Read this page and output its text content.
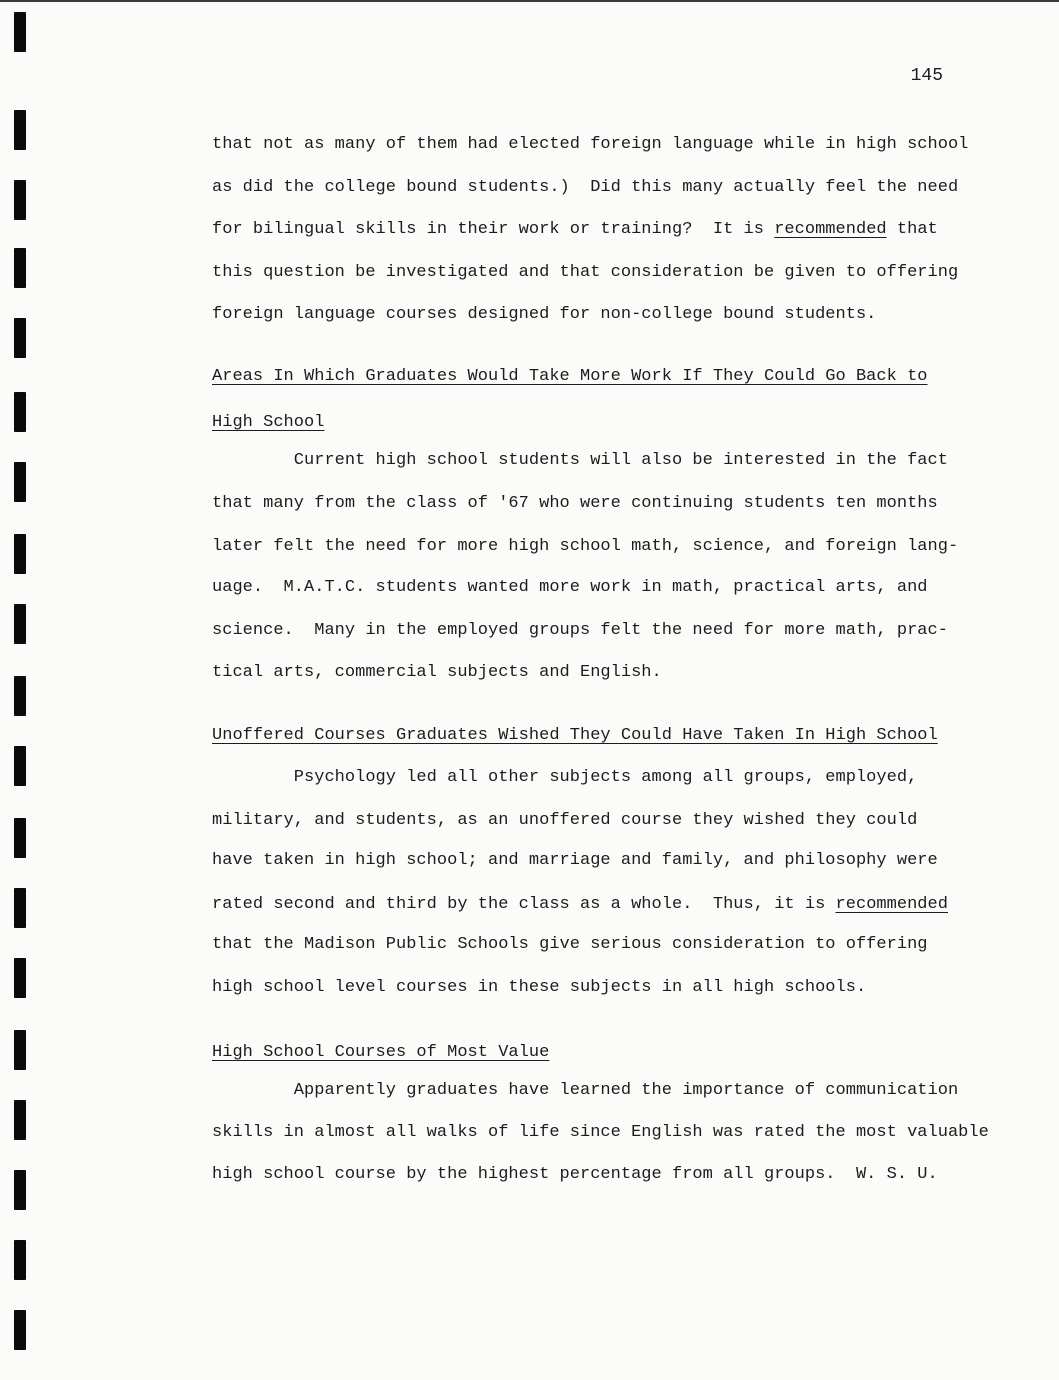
145
that not as many of them had elected foreign language while in high school
as did the college bound students.)  Did this many actually feel the need
for bilingual skills in their work or training?  It is recommended that
this question be investigated and that consideration be given to offering
foreign language courses designed for non-college bound students.
Areas In Which Graduates Would Take More Work If They Could Go Back to
High School
Current high school students will also be interested in the fact
that many from the class of '67 who were continuing students ten months
later felt the need for more high school math, science, and foreign lang-
uage.  M.A.T.C. students wanted more work in math, practical arts, and
science.  Many in the employed groups felt the need for more math, prac-
tical arts, commercial subjects and English.
Unoffered Courses Graduates Wished They Could Have Taken In High School
Psychology led all other subjects among all groups, employed,
military, and students, as an unoffered course they wished they could
have taken in high school; and marriage and family, and philosophy were
rated second and third by the class as a whole.  Thus, it is recommended
that the Madison Public Schools give serious consideration to offering
high school level courses in these subjects in all high schools.
High School Courses of Most Value
Apparently graduates have learned the importance of communication
skills in almost all walks of life since English was rated the most valuable
high school course by the highest percentage from all groups.  W. S. U.
